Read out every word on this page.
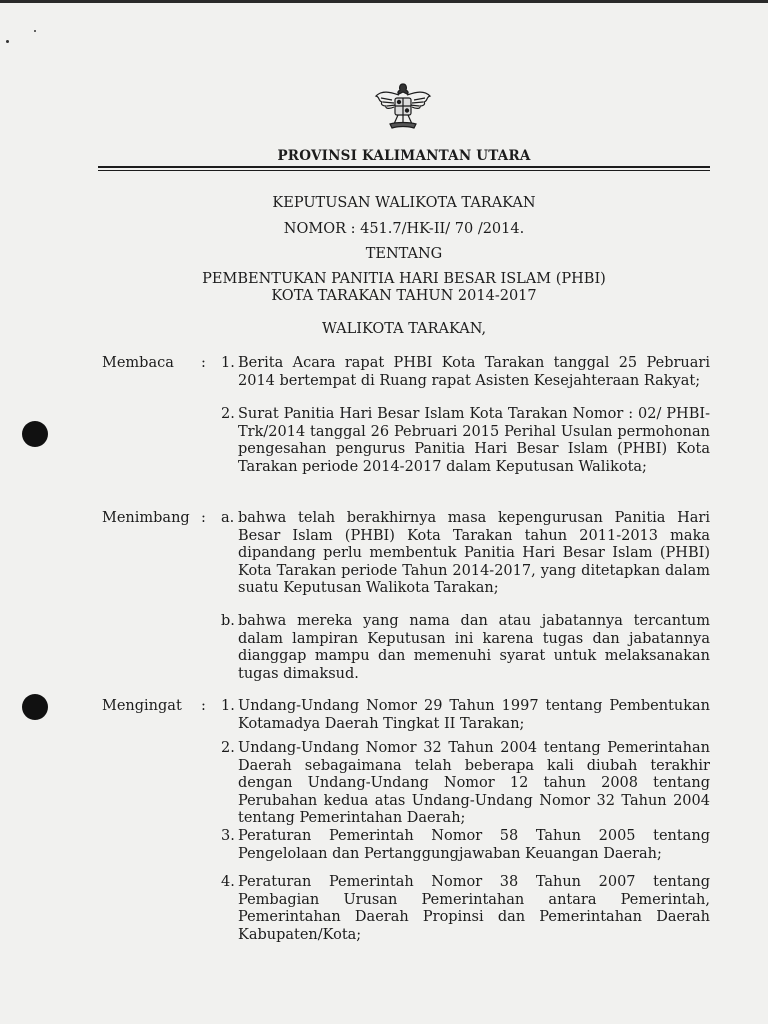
PROVINSI KALIMANTAN UTARA
KEPUTUSAN WALIKOTA TARAKAN
NOMOR : 451.7/HK-II/ 70 /2014.
TENTANG
PEMBENTUKAN PANITIA HARI BESAR ISLAM (PHBI)
KOTA TARAKAN TAHUN 2014-2017
WALIKOTA TARAKAN,
Membaca : 1. Berita Acara rapat PHBI Kota Tarakan tanggal 25 Pebruari 2014 bertempat di Ruang rapat Asisten Kesejahteraan Rakyat;
2. Surat Panitia Hari Besar Islam Kota Tarakan Nomor : 02/ PHBI-Trk/2014 tanggal 26 Pebruari 2015 Perihal Usulan permohonan pengesahan pengurus Panitia Hari Besar Islam (PHBI) Kota Tarakan periode 2014-2017 dalam Keputusan Walikota;
Menimbang : a. bahwa telah berakhirnya masa kepengurusan Panitia Hari Besar Islam (PHBI) Kota Tarakan tahun 2011-2013 maka dipandang perlu membentuk Panitia Hari Besar Islam (PHBI) Kota Tarakan periode Tahun 2014-2017, yang ditetapkan dalam suatu Keputusan Walikota Tarakan;
b. bahwa mereka yang nama dan atau jabatannya tercantum dalam lampiran Keputusan ini karena tugas dan jabatannya dianggap mampu dan memenuhi syarat untuk melaksanakan tugas dimaksud.
Mengingat : 1. Undang-Undang Nomor 29 Tahun 1997 tentang Pembentukan Kotamadya Daerah Tingkat II Tarakan;
2. Undang-Undang Nomor 32 Tahun 2004 tentang Pemerintahan Daerah sebagaimana telah beberapa kali diubah terakhir dengan Undang-Undang Nomor 12 tahun 2008 tentang Perubahan kedua atas Undang-Undang Nomor 32 Tahun 2004 tentang Pemerintahan Daerah;
3. Peraturan Pemerintah Nomor 58 Tahun 2005 tentang Pengelolaan dan Pertanggungjawaban Keuangan Daerah;
4. Peraturan Pemerintah Nomor 38 Tahun 2007 tentang Pembagian Urusan Pemerintahan antara Pemerintah, Pemerintahan Daerah Propinsi dan Pemerintahan Daerah Kabupaten/Kota;
